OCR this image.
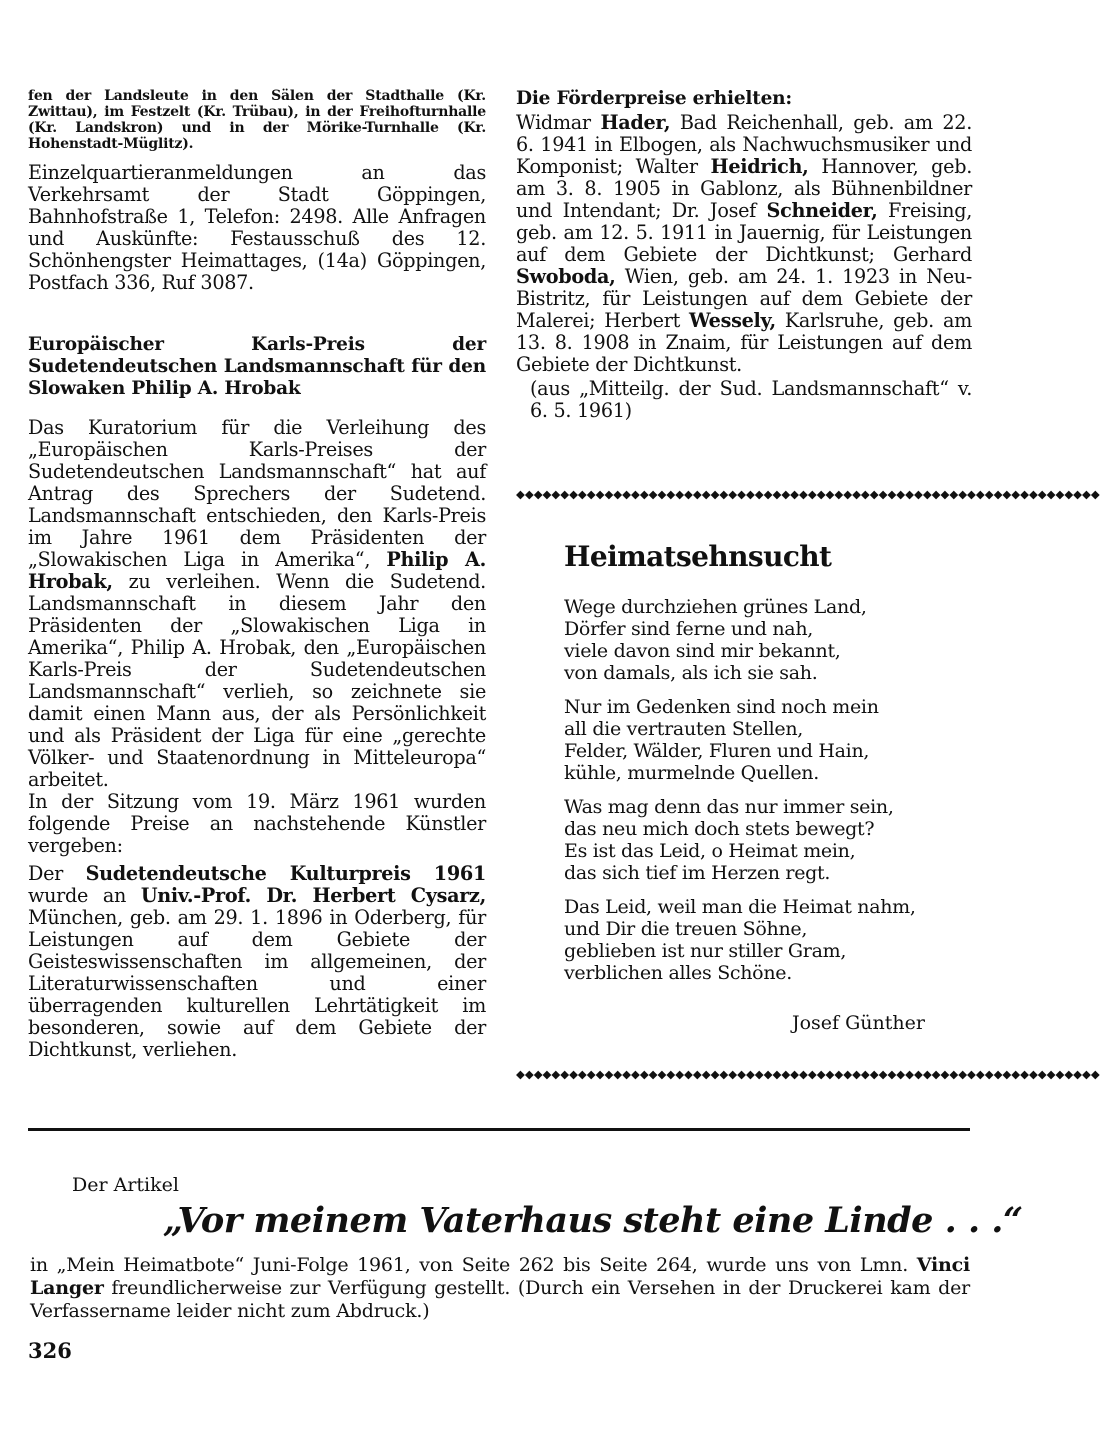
fen der Landsleute in den Sälen der Stadthalle (Kr. Zwittau), im Festzelt (Kr. Trübau), in der Freihofturnhalle (Kr. Landskron) und in der Mörike-Turnhalle (Kr. Hohenstadt-Müglitz).

Einzelquartieranmeldungen an das Verkehrsamt der Stadt Göppingen, Bahnhofstraße 1, Telefon: 2498. Alle Anfragen und Auskünfte: Festausschuß des 12. Schönhengster Heimattages, (14a) Göppingen, Postfach 336, Ruf 3087.

Europäischer Karls-Preis der Sudetendeutschen Landsmannschaft für den Slowaken Philip A. Hrobak

Das Kuratorium für die Verleihung des „Europäischen Karls-Preises der Sudetendeutschen Landsmannschaft“ hat auf Antrag des Sprechers der Sudetend. Landsmannschaft entschieden, den Karls-Preis im Jahre 1961 dem Präsidenten der „Slowakischen Liga in Amerika“, Philip A. Hrobak, zu verleihen. Wenn die Sudetend. Landsmannschaft in diesem Jahr den Präsidenten der „Slowakischen Liga in Amerika“, Philip A. Hrobak, den „Europäischen Karls-Preis der Sudetendeutschen Landsmannschaft“ verlieh, so zeichnete sie damit einen Mann aus, der als Persönlichkeit und als Präsident der Liga für eine „gerechte Völker- und Staatenordnung in Mitteleuropa“ arbeitet.

In der Sitzung vom 19. März 1961 wurden folgende Preise an nachstehende Künstler vergeben:

Der Sudetendeutsche Kulturpreis 1961 wurde an Univ.-Prof. Dr. Herbert Cysarz, München, geb. am 29. 1. 1896 in Oderberg, für Leistungen auf dem Gebiete der Geisteswissenschaften im allgemeinen, der Literaturwissenschaften und einer überragenden kulturellen Lehrtätigkeit im besonderen, sowie auf dem Gebiete der Dichtkunst, verliehen.

Die Förderpreise erhielten:

Widmar Hader, Bad Reichenhall, geb. am 22. 6. 1941 in Elbogen, als Nachwuchsmusiker und Komponist; Walter Heidrich, Hannover, geb. am 3. 8. 1905 in Gablonz, als Bühnenbildner und Intendant; Dr. Josef Schneider, Freising, geb. am 12. 5. 1911 in Jauernig, für Leistungen auf dem Gebiete der Dichtkunst; Gerhard Swoboda, Wien, geb. am 24. 1. 1923 in Neu-Bistritz, für Leistungen auf dem Gebiete der Malerei; Herbert Wessely, Karlsruhe, geb. am 13. 8. 1908 in Znaim, für Leistungen auf dem Gebiete der Dichtkunst.

(aus „Mitteilg. der Sud. Landsmannschaft“ v. 6. 5. 1961)

◆◆◆◆◆◆◆◆◆◆◆◆◆◆◆◆◆◆◆◆◆◆◆◆◆◆◆◆◆◆◆◆◆◆◆◆◆◆◆◆◆◆◆◆◆◆◆◆◆◆◆◆◆◆◆◆◆◆◆◆◆◆◆◆◆◆
Heimatsehnsucht
Wege durchziehen grünes Land,
Dörfer sind ferne und nah,
viele davon sind mir bekannt,
von damals, als ich sie sah.
Nur im Gedenken sind noch mein
all die vertrauten Stellen,
Felder, Wälder, Fluren und Hain,
kühle, murmelnde Quellen.
Was mag denn das nur immer sein,
das neu mich doch stets bewegt?
Es ist das Leid, o Heimat mein,
das sich tief im Herzen regt.
Das Leid, weil man die Heimat nahm,
und Dir die treuen Söhne,
geblieben ist nur stiller Gram,
verblichen alles Schöne.
Josef Günther
◆◆◆◆◆◆◆◆◆◆◆◆◆◆◆◆◆◆◆◆◆◆◆◆◆◆◆◆◆◆◆◆◆◆◆◆◆◆◆◆◆◆◆◆◆◆◆◆◆◆◆◆◆◆◆◆◆◆◆◆◆◆◆◆◆◆
Der Artikel
„Vor meinem Vaterhaus steht eine Linde . . .“
in „Mein Heimatbote“ Juni-Folge 1961, von Seite 262 bis Seite 264, wurde uns von Lmn. Vinci Langer freundlicherweise zur Verfügung gestellt. (Durch ein Versehen in der Druckerei kam der Verfassername leider nicht zum Abdruck.)
326
